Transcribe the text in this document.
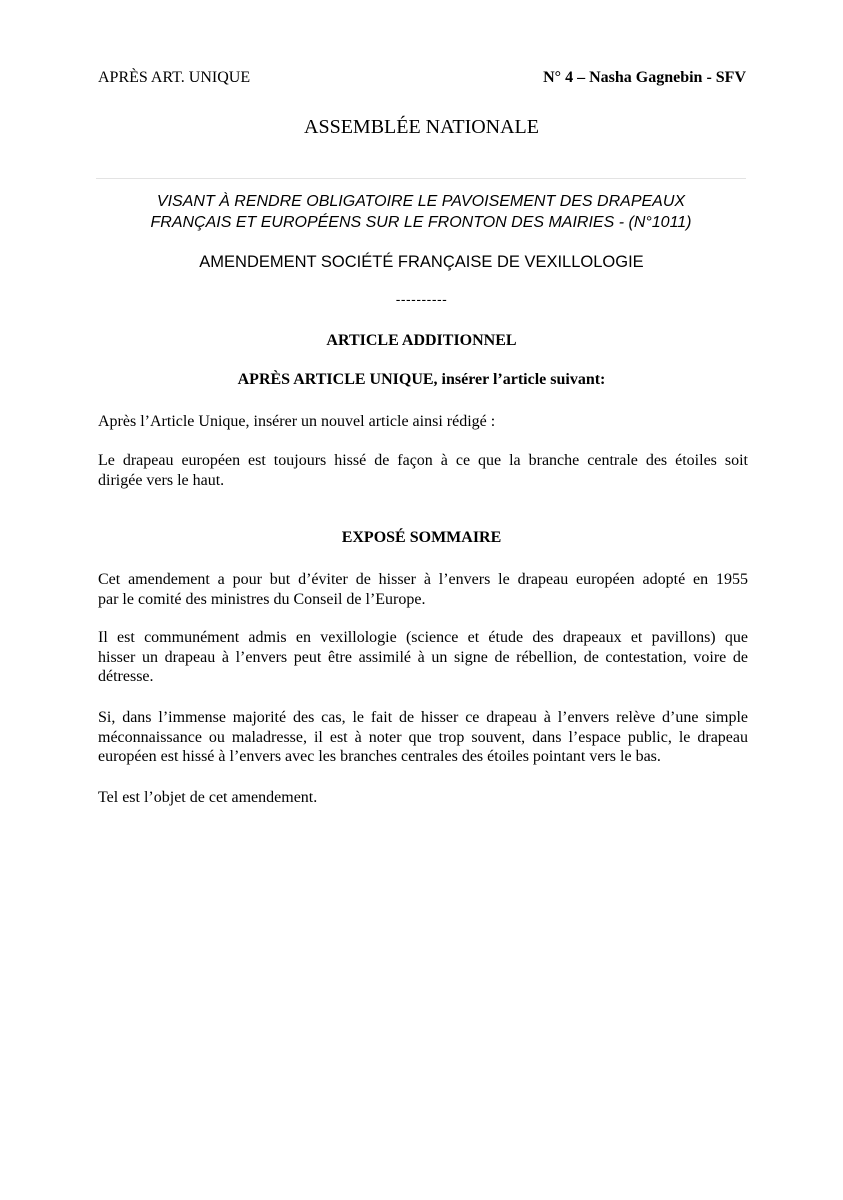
APRÈS ART. UNIQUE	N° 4 – Nasha Gagnebin - SFV
ASSEMBLÉE NATIONALE
VISANT À RENDRE OBLIGATOIRE LE PAVOISEMENT DES DRAPEAUX
FRANÇAIS ET EUROPÉENS SUR LE FRONTON DES MAIRIES - (N°1011)
AMENDEMENT SOCIÉTÉ FRANÇAISE DE VEXILLOLOGIE
----------
ARTICLE ADDITIONNEL
APRÈS ARTICLE UNIQUE, insérer l’article suivant:
Après l’Article Unique, insérer un nouvel article ainsi rédigé :
Le drapeau européen est toujours hissé de façon à ce que la branche centrale des étoiles soit
dirigée vers le haut.
EXPOSÉ SOMMAIRE
Cet amendement a pour but d’éviter de hisser à l’envers le drapeau européen adopté en 1955
par le comité des ministres du Conseil de l’Europe.
Il est communément admis en vexillologie (science et étude des drapeaux et pavillons) que
hisser un drapeau à l’envers peut être assimilé à un signe de rébellion, de contestation, voire de
détresse.
Si, dans l’immense majorité des cas, le fait de hisser ce drapeau à l’envers relève d’une simple
méconnaissance ou maladresse, il est à noter que trop souvent, dans l’espace public, le drapeau
européen est hissé à l’envers avec les branches centrales des étoiles pointant vers le bas.
Tel est l’objet de cet amendement.
